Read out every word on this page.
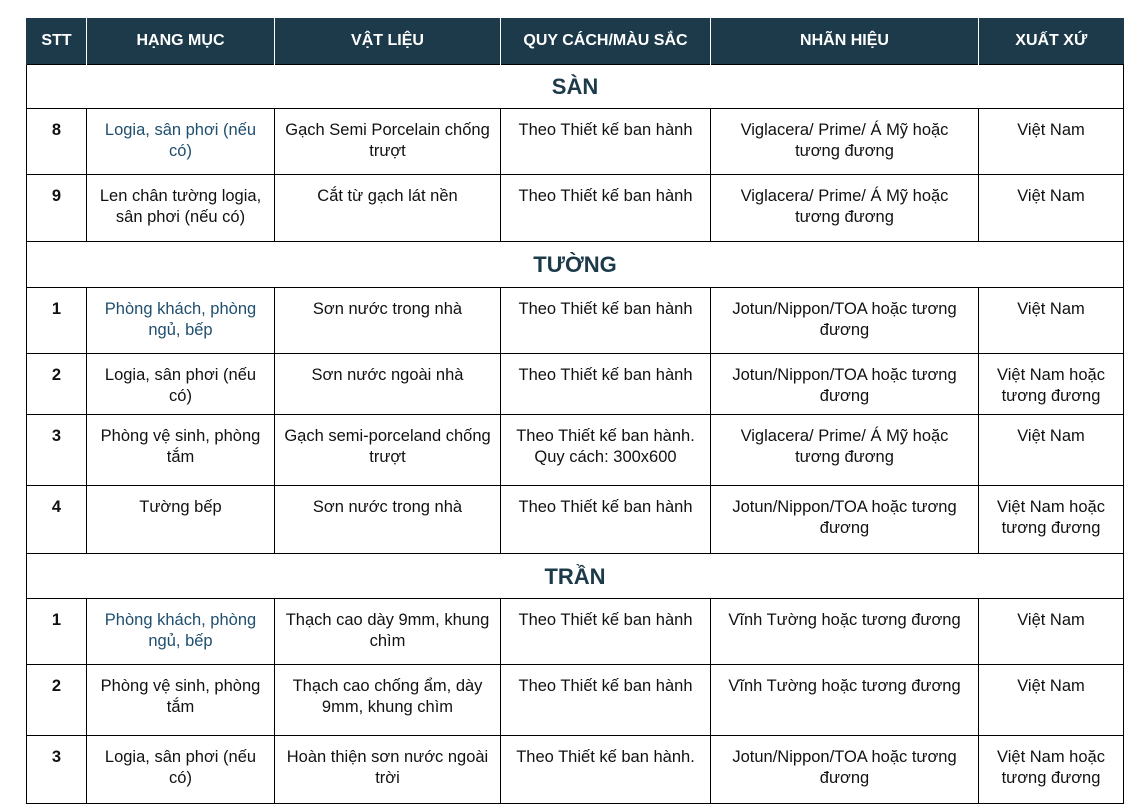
STT	HẠNG MỤC	VẬT LIỆU	QUY CÁCH/MÀU SẮC	NHÃN HIỆU	XUẤT XỨ
SÀN					
8	Logia, sân phơi (nếu có)	Gạch Semi Porcelain chống trượt	Theo Thiết kế ban hành	Viglacera/ Prime/ Á Mỹ hoặc tương đương	Việt Nam
9	Len chân tường logia, sân phơi (nếu có)	Cắt từ gạch lát nền	Theo Thiết kế ban hành	Viglacera/ Prime/ Á Mỹ hoặc tương đương	Việt Nam
TƯỜNG					
1	Phòng khách, phòng ngủ, bếp	Sơn nước trong nhà	Theo Thiết kế ban hành	Jotun/Nippon/TOA hoặc tương đương	Việt Nam
2	Logia, sân phơi (nếu có)	Sơn nước ngoài nhà	Theo Thiết kế ban hành	Jotun/Nippon/TOA hoặc tương đương	Việt Nam hoặc tương đương
3	Phòng vệ sinh, phòng tắm	Gạch semi-porceland chống trượt	Theo Thiết kế ban hành. Quy cách: 300x600	Viglacera/ Prime/ Á Mỹ hoặc tương đương	Việt Nam
4	Tường bếp	Sơn nước trong nhà	Theo Thiết kế ban hành	Jotun/Nippon/TOA hoặc tương đương	Việt Nam hoặc tương đương
TRẦN					
1	Phòng khách, phòng ngủ, bếp	Thạch cao dày 9mm, khung chìm	Theo Thiết kế ban hành	Vĩnh Tường hoặc tương đương	Việt Nam
2	Phòng vệ sinh, phòng tắm	Thạch cao chống ẩm, dày 9mm, khung chìm	Theo Thiết kế ban hành	Vĩnh Tường hoặc tương đương	Việt Nam
3	Logia, sân phơi (nếu có)	Hoàn thiện sơn nước ngoài trời	Theo Thiết kế ban hành.	Jotun/Nippon/TOA hoặc tương đương	Việt Nam hoặc tương đương
